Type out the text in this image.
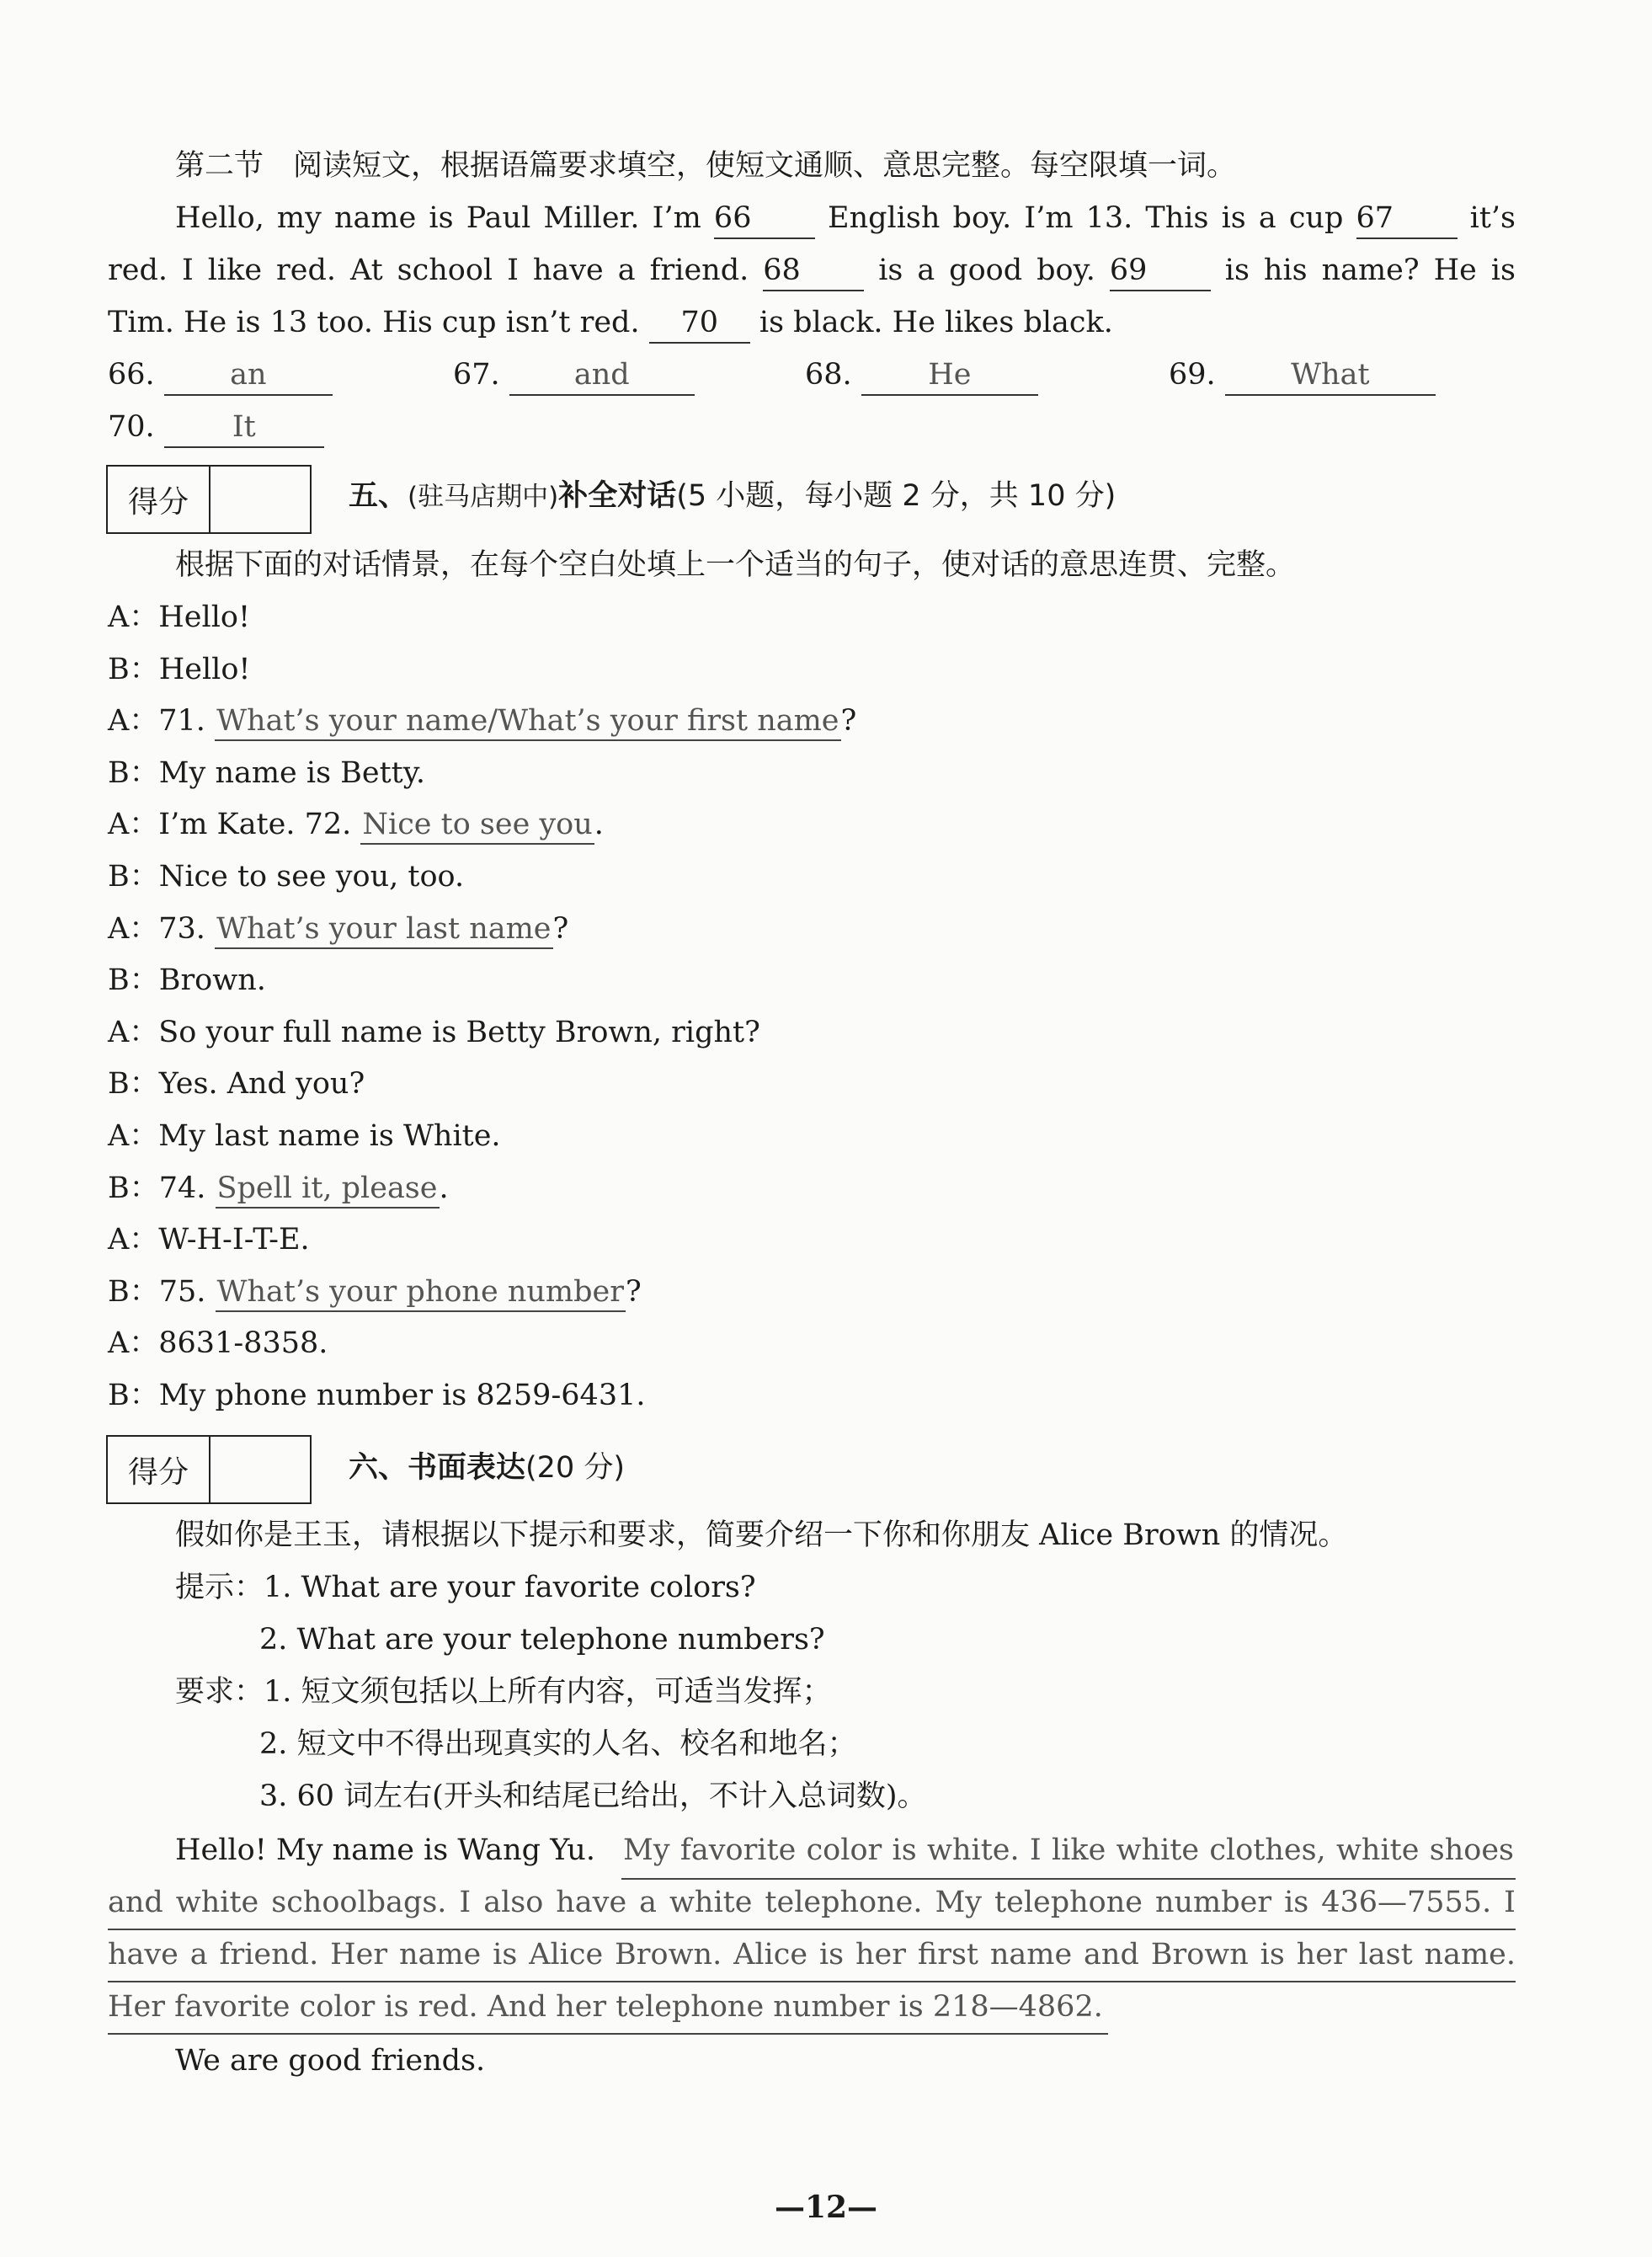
第二节　阅读短文，根据语篇要求填空，使短文通顺、意思完整。每空限填一词。
Hello, my name is Paul Miller. I’m 66	English boy. I’m 13. This is a cup 67	it’s
red. I like red. At school I have a friend. 68	is a good boy. 69	is his name? He is
Tim. He is 13 too. His cup isn’t red. 70 is black. He likes black.
66.	an	67.	and	68.	He	69.	What
70.	It
得分	五、(驻马店期中)补全对话(5 小题，每小题 2 分，共 10 分)
根据下面的对话情景，在每个空白处填上一个适当的句子，使对话的意思连贯、完整。
A：Hello!
B：Hello!
A：71. What’s your name/What’s your first name?
B：My name is Betty.
A：I’m Kate. 72. Nice to see you.
B：Nice to see you, too.
A：73. What’s your last name?
B：Brown.
A：So your full name is Betty Brown, right?
B：Yes. And you?
A：My last name is White.
B：74. Spell it, please.
A：W-H-I-T-E.
B：75. What’s your phone number?
A：8631-8358.
B：My phone number is 8259-6431.
得分	六、书面表达(20 分)
假如你是王玉，请根据以下提示和要求，简要介绍一下你和你朋友 Alice Brown 的情况。
提示：1. What are your favorite colors?
2. What are your telephone numbers?
要求：1. 短文须包括以上所有内容，可适当发挥；
2. 短文中不得出现真实的人名、校名和地名；
3. 60 词左右(开头和结尾已给出，不计入总词数)。
Hello! My name is Wang Yu. My favorite color is white. I like white clothes, white shoes
and white schoolbags. I also have a white telephone. My telephone number is 436—7555. I
have a friend. Her name is Alice Brown. Alice is her first name and Brown is her last name.
Her favorite color is red. And her telephone number is 218—4862.
We are good friends.
—12—
